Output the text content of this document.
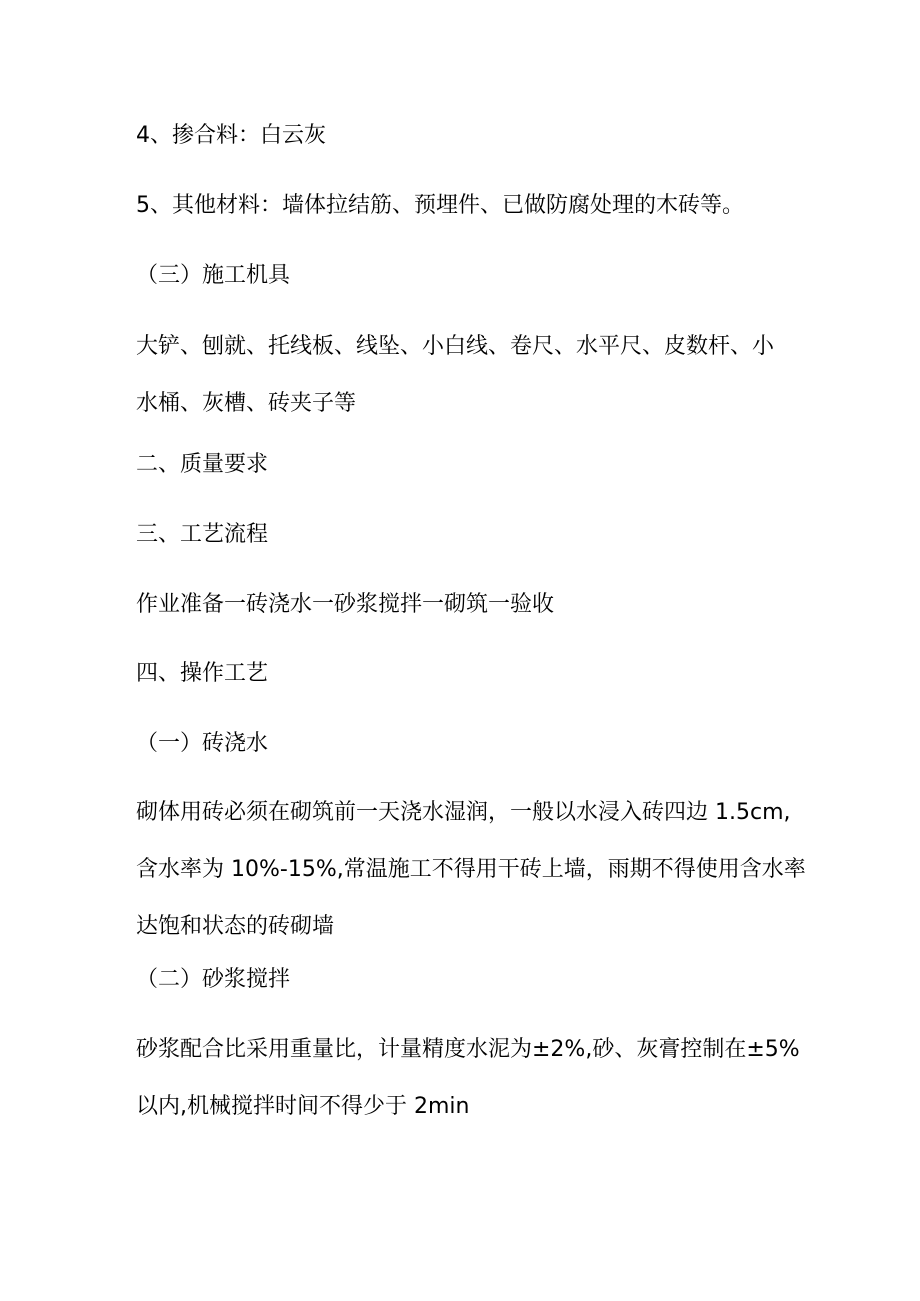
4、掺合料：白云灰

5、其他材料：墙体拉结筋、预埋件、已做防腐处理的木砖等。

（三）施工机具

大铲、刨就、托线板、线坠、小白线、卷尺、水平尺、皮数杆、小
水桶、灰槽、砖夹子等

二、质量要求

三、工艺流程

作业准备一砖浇水一砂浆搅拌一砌筑一验收

四、操作工艺

（一）砖浇水

砌体用砖必须在砌筑前一天浇水湿润，一般以水浸入砖四边 1.5cm,
含水率为 10%-15%,常温施工不得用干砖上墙，雨期不得使用含水率
达饱和状态的砖砌墙

（二）砂浆搅拌

砂浆配合比采用重量比，计量精度水泥为±2%,砂、灰膏控制在±5%
以内,机械搅拌时间不得少于 2min
